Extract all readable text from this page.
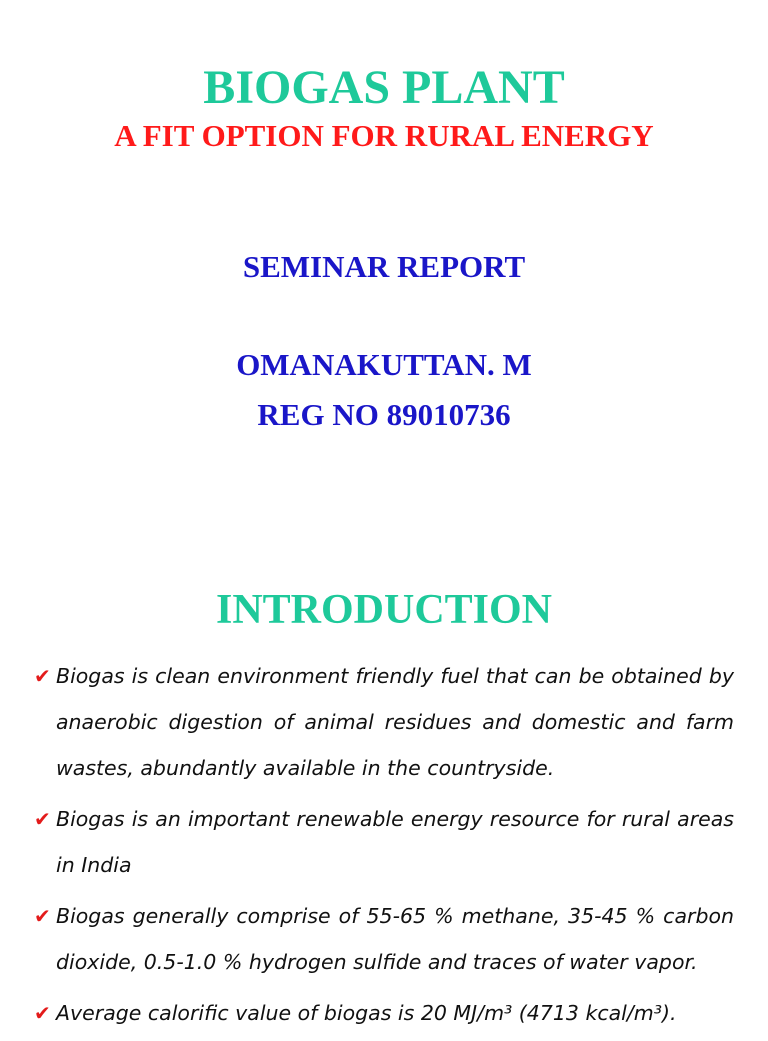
BIOGAS PLANT
A FIT OPTION FOR RURAL ENERGY
SEMINAR REPORT
OMANAKUTTAN. M
REG NO 89010736
INTRODUCTION
✔ Biogas is clean environment friendly fuel that can be obtained by anaerobic digestion of animal residues and domestic and farm wastes, abundantly available in the countryside.
✔ Biogas is an important renewable energy resource for rural areas in India
✔ Biogas generally comprise of 55-65 % methane, 35-45 % carbon dioxide, 0.5-1.0 % hydrogen sulfide and traces of water vapor.
✔ Average calorific value of biogas is 20 MJ/m³ (4713 kcal/m³).
